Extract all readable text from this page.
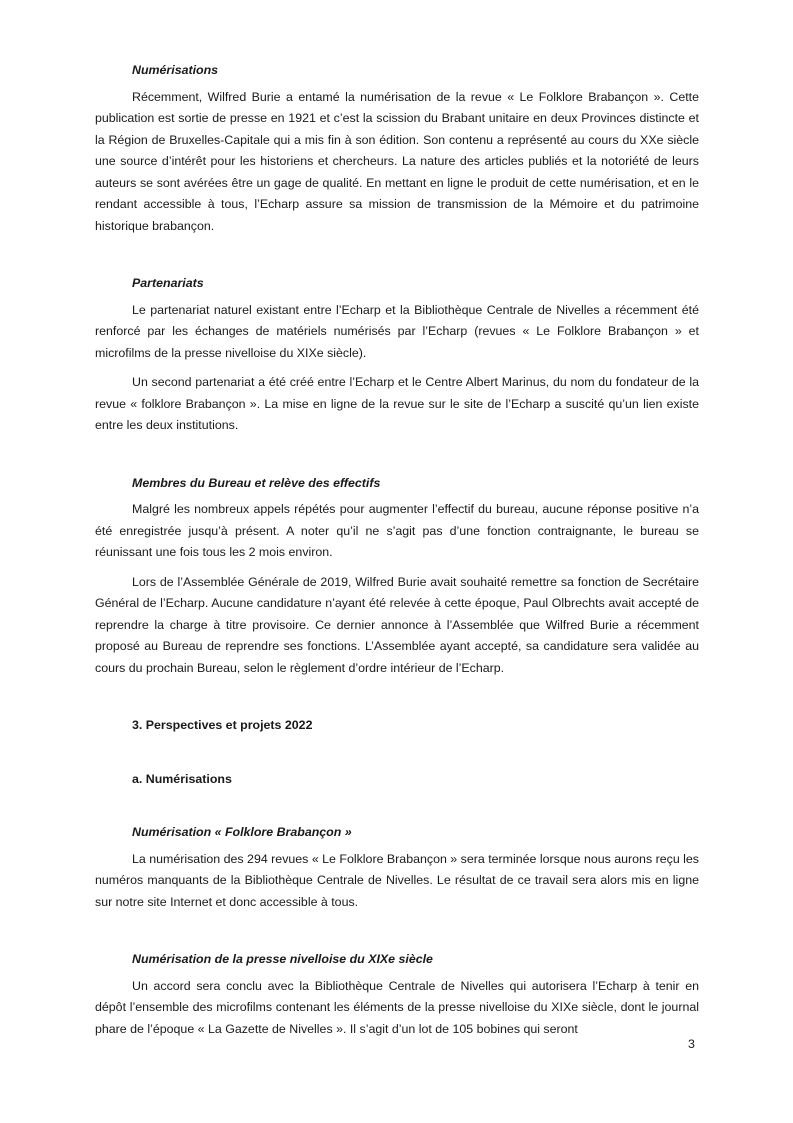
Numérisations

Récemment, Wilfred Burie a entamé la numérisation de la revue « Le Folklore Brabançon ». Cette publication est sortie de presse en 1921 et c’est la scission du Brabant unitaire en deux Provinces distincte et la Région de Bruxelles-Capitale qui a mis fin à son édition. Son contenu a représenté au cours du XXe siècle une source d’intérêt pour les historiens et chercheurs. La nature des articles publiés et la notoriété de leurs auteurs se sont avérées être un gage de qualité. En mettant en ligne le produit de cette numérisation, et en le rendant accessible à tous, l’Echarp assure sa mission de transmission de la Mémoire et du patrimoine historique brabançon.

Partenariats

Le partenariat naturel existant entre l’Echarp et la Bibliothèque Centrale de Nivelles a récemment été renforcé par les échanges de matériels numérisés par l’Echarp (revues « Le Folklore Brabançon » et microfilms de la presse nivelloise du XIXe siècle).

Un second partenariat a été créé entre l’Echarp et le Centre Albert Marinus, du nom du fondateur de la revue « folklore Brabançon ». La mise en ligne de la revue sur le site de l’Echarp a suscité qu’un lien existe entre les deux institutions.

Membres du Bureau et relève des effectifs

Malgré les nombreux appels répétés pour augmenter l’effectif du bureau, aucune réponse positive n’a été enregistrée jusqu’à présent. A noter qu’il ne s’agit pas d’une fonction contraignante, le bureau se réunissant une fois tous les 2 mois environ.

Lors de l’Assemblée Générale de 2019, Wilfred Burie avait souhaité remettre sa fonction de Secrétaire Général de l’Echarp. Aucune candidature n’ayant été relevée à cette époque, Paul Olbrechts avait accepté de reprendre la charge à titre provisoire. Ce dernier annonce à l’Assemblée que Wilfred Burie a récemment proposé au Bureau de reprendre ses fonctions. L’Assemblée ayant accepté, sa candidature sera validée au cours du prochain Bureau, selon le règlement d’ordre intérieur de l’Echarp.

3. Perspectives et projets 2022

a. Numérisations

Numérisation « Folklore Brabançon »

La numérisation des 294 revues « Le Folklore Brabançon » sera terminée lorsque nous aurons reçu les numéros manquants de la Bibliothèque Centrale de Nivelles. Le résultat de ce travail sera alors mis en ligne sur notre site Internet et donc accessible à tous.

Numérisation de la presse nivelloise du XIXe siècle

Un accord sera conclu avec la Bibliothèque Centrale de Nivelles qui autorisera l’Echarp à tenir en dépôt l’ensemble des microfilms contenant les éléments de la presse nivelloise du XIXe siècle, dont le journal phare de l’époque « La Gazette de Nivelles ». Il s’agit d’un lot de 105 bobines qui seront

3
